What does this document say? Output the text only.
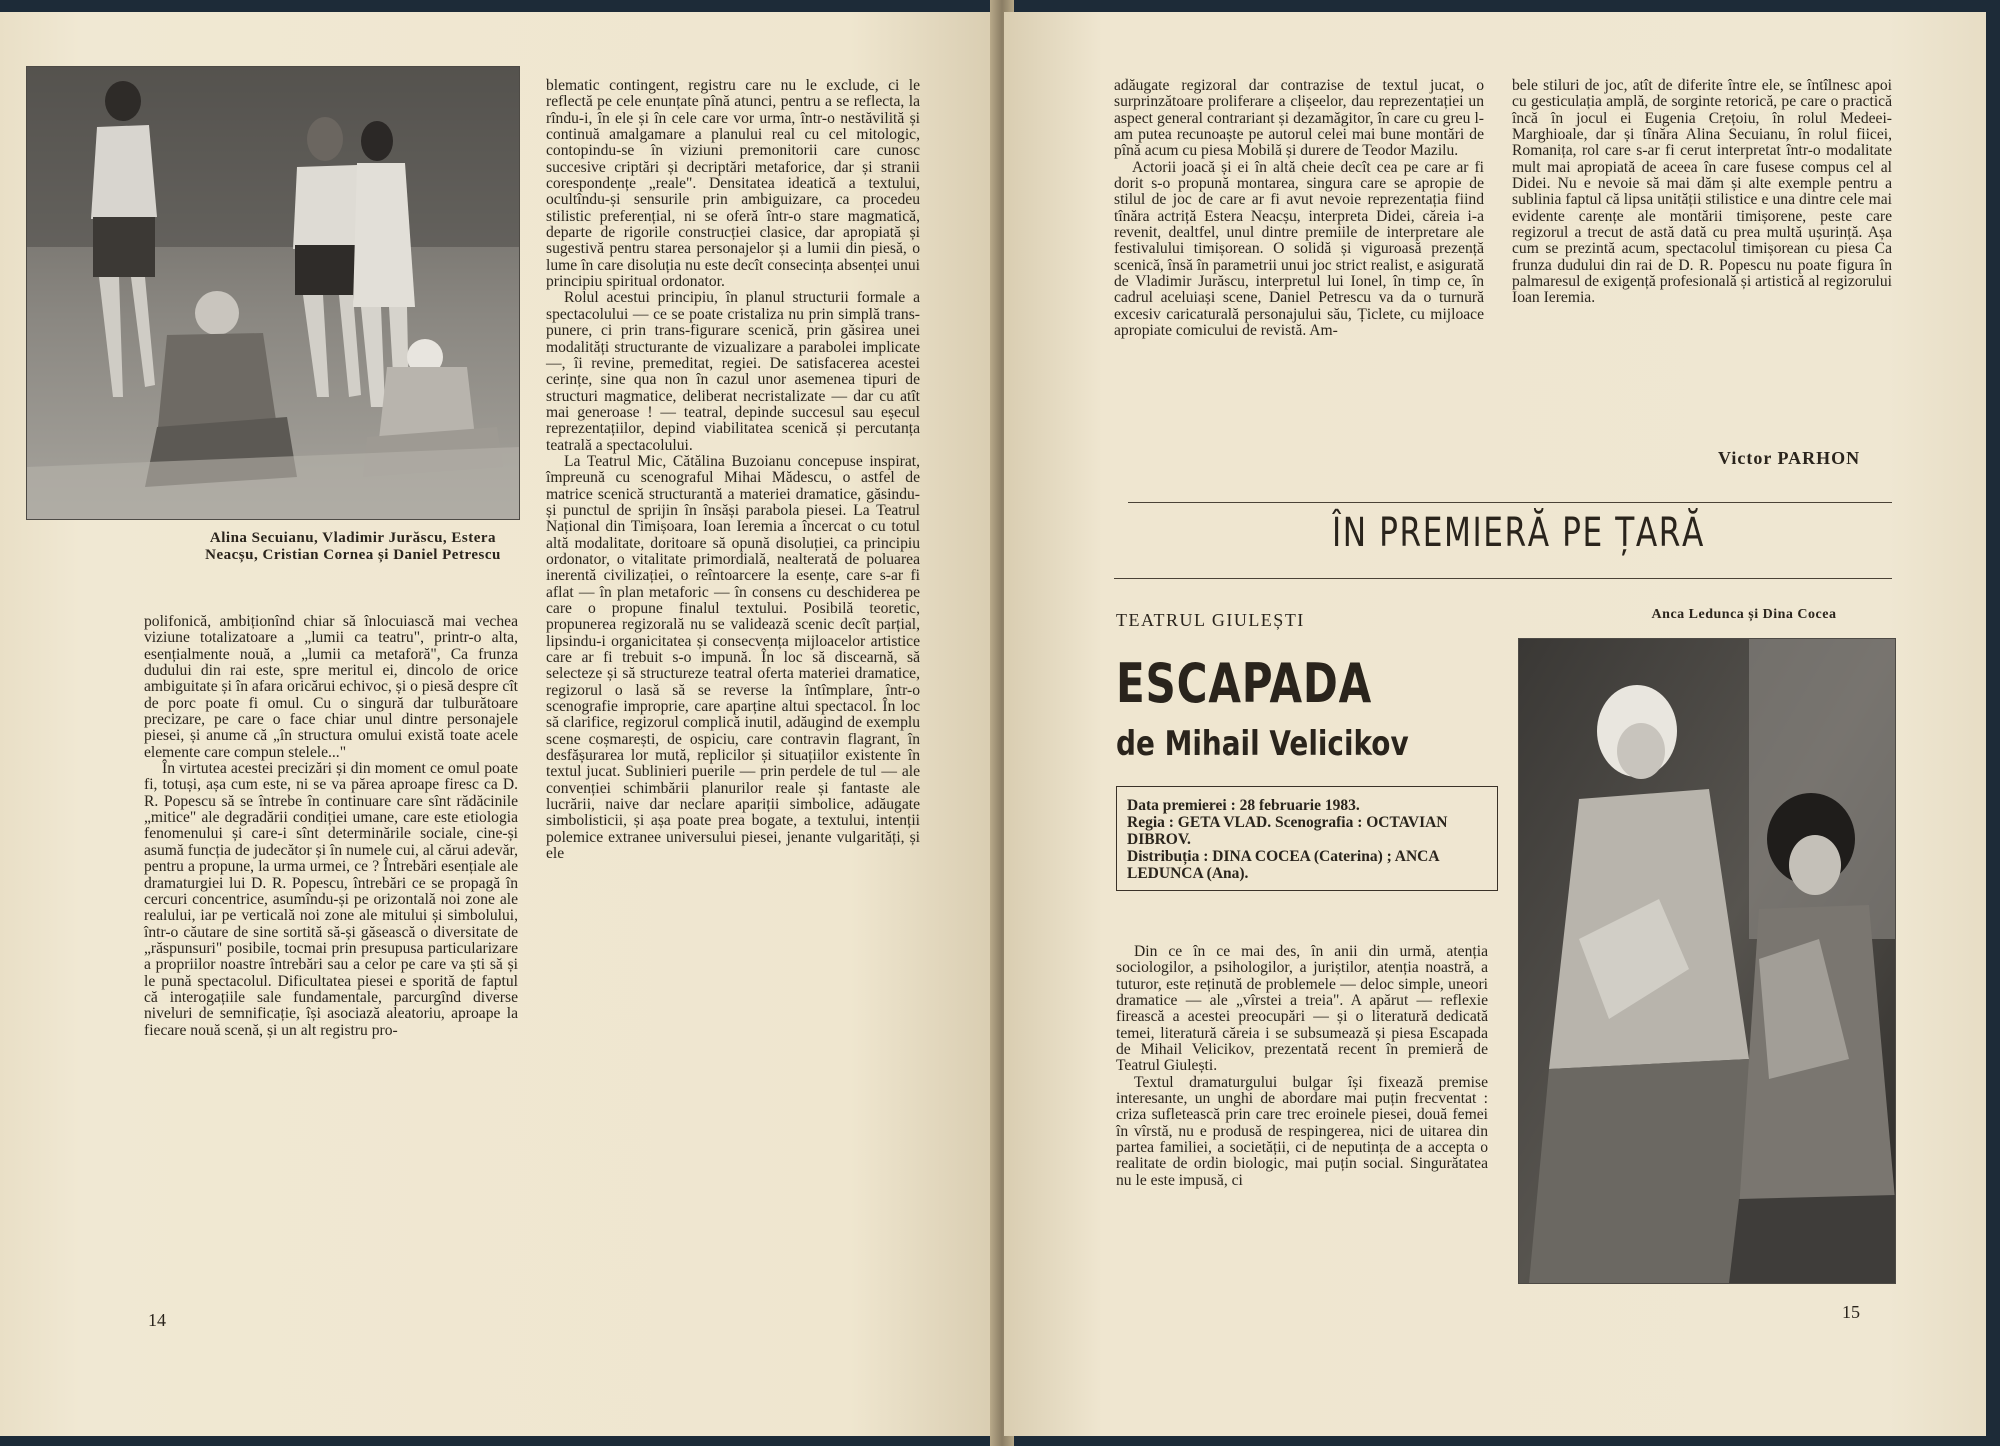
Alina Secuianu, Vladimir Jurăscu, Estera Neacșu, Cristian Cornea și Daniel Petrescu

polifonică, ambiționînd chiar să înlocuiască mai vechea viziune totalizatoare a „lumii ca teatru", printr-o alta, esențialmente nouă, a „lumii ca metaforă", Ca frunza dudului din rai este, spre meritul ei, dincolo de orice ambiguitate și în afara oricărui echivoc, și o piesă despre cît de porc poate fi omul. Cu o singură dar tulburătoare precizare, pe care o face chiar unul dintre personajele piesei, și anume că „în structura omului există toate acele elemente care compun stelele..."

În virtutea acestei precizări și din moment ce omul poate fi, totuși, așa cum este, ni se va părea aproape firesc ca D. R. Popescu să se întrebe în continuare care sînt rădăcinile „mitice" ale degradării condiției umane, care este etiologia fenomenului și care-i sînt determinările sociale, cine-și asumă funcția de judecător și în numele cui, al cărui adevăr, pentru a propune, la urma urmei, ce ? Întrebări esențiale ale dramaturgiei lui D. R. Popescu, întrebări ce se propagă în cercuri concentrice, asumîndu-și pe orizontală noi zone ale realului, iar pe verticală noi zone ale mitului și simbolului, într-o căutare de sine sortită să-și găsească o diversitate de „răspunsuri" posibile, tocmai prin presupusa particularizare a propriilor noastre întrebări sau a celor pe care va ști să și le pună spectacolul. Dificultatea piesei e sporită de faptul că interogațiile sale fundamentale, parcurgînd diverse niveluri de semnificație, își asociază aleatoriu, aproape la fiecare nouă scenă, și un alt registru pro-

blematic contingent, registru care nu le exclude, ci le reflectă pe cele enunțate pînă atunci, pentru a se reflecta, la rîndu-i, în ele și în cele care vor urma, într-o nestăvilită și continuă amalgamare a planului real cu cel mitologic, contopindu-se în viziuni premonitorii care cunosc succesive criptări și decriptări metaforice, dar și stranii corespondențe „reale". Densitatea ideatică a textului, ocultîndu-și sensurile prin ambiguizare, ca procedeu stilistic preferențial, ni se oferă într-o stare magmatică, departe de rigorile construcției clasice, dar apropiată și sugestivă pentru starea personajelor și a lumii din piesă, o lume în care disoluția nu este decît consecința absenței unui principiu spiritual ordonator.

Rolul acestui principiu, în planul structurii formale a spectacolului — ce se poate cristaliza nu prin simplă trans-punere, ci prin trans-figurare scenică, prin găsirea unei modalități structurante de vizualizare a parabolei implicate —, îi revine, premeditat, regiei. De satisfacerea acestei cerințe, sine qua non în cazul unor asemenea tipuri de structuri magmatice, deliberat necristalizate — dar cu atît mai generoase ! — teatral, depinde succesul sau eșecul reprezentațiilor, depind viabilitatea scenică și percutanța teatrală a spectacolului.

La Teatrul Mic, Cătălina Buzoianu concepuse inspirat, împreună cu scenograful Mihai Mădescu, o astfel de matrice scenică structurantă a materiei dramatice, găsindu-și punctul de sprijin în însăși parabola piesei. La Teatrul Național din Timișoara, Ioan Ieremia a încercat o cu totul altă modalitate, doritoare să opună disoluției, ca principiu ordonator, o vitalitate primordială, nealterată de poluarea inerentă civilizației, o reîntoarcere la esențe, care s-ar fi aflat — în plan metaforic — în consens cu deschiderea pe care o propune finalul textului. Posibilă teoretic, propunerea regizorală nu se validează scenic decît parțial, lipsindu-i organicitatea și consecvența mijloacelor artistice care ar fi trebuit s-o impună. În loc să discearnă, să selecteze și să structureze teatral oferta materiei dramatice, regizorul o lasă să se reverse la întîmplare, într-o scenografie improprie, care aparține altui spectacol. În loc să clarifice, regizorul complică inutil, adăugind de exemplu scene coșmarești, de ospiciu, care contravin flagrant, în desfășurarea lor mută, replicilor și situațiilor existente în textul jucat. Sublinieri puerile — prin perdele de tul — ale convenției schimbării planurilor reale și fantaste ale lucrării, naive dar neclare apariții simbolice, adăugate simbolisticii, și așa poate prea bogate, a textului, intenții polemice extranee universului piesei, jenante vulgarități, și ele

14

adăugate regizoral dar contrazise de textul jucat, o surprinzătoare proliferare a clișeelor, dau reprezentației un aspect general contrariant și dezamăgitor, în care cu greu l-am putea recunoaște pe autorul celei mai bune montări de pînă acum cu piesa Mobilă și durere de Teodor Mazilu.

Actorii joacă și ei în altă cheie decît cea pe care ar fi dorit s-o propună montarea, singura care se apropie de stilul de joc de care ar fi avut nevoie reprezentația fiind tînăra actriță Estera Neacșu, interpreta Didei, căreia i-a revenit, dealtfel, unul dintre premiile de interpretare ale festivalului timișorean. O solidă și viguroasă prezență scenică, însă în parametrii unui joc strict realist, e asigurată de Vladimir Jurăscu, interpretul lui Ionel, în timp ce, în cadrul aceluiași scene, Daniel Petrescu va da o turnură excesiv caricaturală personajului său, Țiclete, cu mijloace apropiate comicului de revistă. Am-

bele stiluri de joc, atît de diferite între ele, se întîlnesc apoi cu gesticulația amplă, de sorginte retorică, pe care o practică încă în jocul ei Eugenia Crețoiu, în rolul Medeei-Marghioale, dar și tînăra Alina Secuianu, în rolul fiicei, Romanița, rol care s-ar fi cerut interpretat într-o modalitate mult mai apropiată de aceea în care fusese compus cel al Didei. Nu e nevoie să mai dăm și alte exemple pentru a sublinia faptul că lipsa unității stilistice e una dintre cele mai evidente carențe ale montării timișorene, peste care regizorul a trecut de astă dată cu prea multă ușurință. Așa cum se prezintă acum, spectacolul timișorean cu piesa Ca frunza dudului din rai de D. R. Popescu nu poate figura în palmaresul de exigență profesională și artistică al regizorului Ioan Ieremia.

Victor PARHON
ÎN PREMIERĂ PE ȚARĂ
TEATRUL GIULEȘTI	Anca Ledunca și Dina Cocea
ESCAPADA
de Mihail Velicikov

Data premierei : 28 februarie 1983.

Regia : GETA VLAD. Scenografia : OCTAVIAN DIBROV.

Distribuția : DINA COCEA (Caterina) ; ANCA LEDUNCA (Ana).

Din ce în ce mai des, în anii din urmă, atenția sociologilor, a psihologilor, a juriștilor, atenția noastră, a tuturor, este reținută de problemele — deloc simple, uneori dramatice — ale „vîrstei a treia". A apărut — reflexie firească a acestei preocupări — și o literatură dedicată temei, literatură căreia i se subsumează și piesa Escapada de Mihail Velicikov, prezentată recent în premieră de Teatrul Giulești.

Textul dramaturgului bulgar își fixează premise interesante, un unghi de abordare mai puțin frecventat : criza sufletească prin care trec eroinele piesei, două femei în vîrstă, nu e produsă de respingerea, nici de uitarea din partea familiei, a societății, ci de neputința de a accepta o realitate de ordin biologic, mai puțin social. Singurătatea nu le este impusă, ci

15
